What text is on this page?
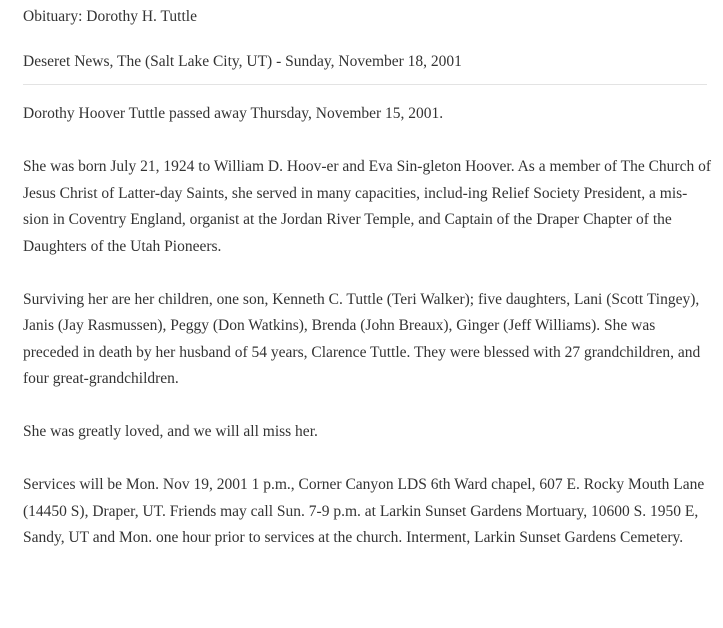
Obituary: Dorothy H. Tuttle
Deseret News, The (Salt Lake City, UT) - Sunday, November 18, 2001

Dorothy Hoover Tuttle passed away Thursday, November 15, 2001.

She was born July 21, 1924 to William D. Hoov-er and Eva Sin-gleton Hoover. As a member of The Church of Jesus Christ of Latter-day Saints, she served in many capacities, includ-ing Relief Society President, a mis-sion in Coventry England, organist at the Jordan River Temple, and Captain of the Draper Chapter of the Daughters of the Utah Pioneers.

Surviving her are her children, one son, Kenneth C. Tuttle (Teri Walker); five daughters, Lani (Scott Tingey), Janis (Jay Rasmussen), Peggy (Don Watkins), Brenda (John Breaux), Ginger (Jeff Williams). She was preceded in death by her husband of 54 years, Clarence Tuttle. They were blessed with 27 grandchildren, and four great-grandchildren.

She was greatly loved, and we will all miss her.

Services will be Mon. Nov 19, 2001 1 p.m., Corner Canyon LDS 6th Ward chapel, 607 E. Rocky Mouth Lane (14450 S), Draper, UT. Friends may call Sun. 7-9 p.m. at Larkin Sunset Gardens Mortuary, 10600 S. 1950 E, Sandy, UT and Mon. one hour prior to services at the church. Interment, Larkin Sunset Gardens Cemetery.
